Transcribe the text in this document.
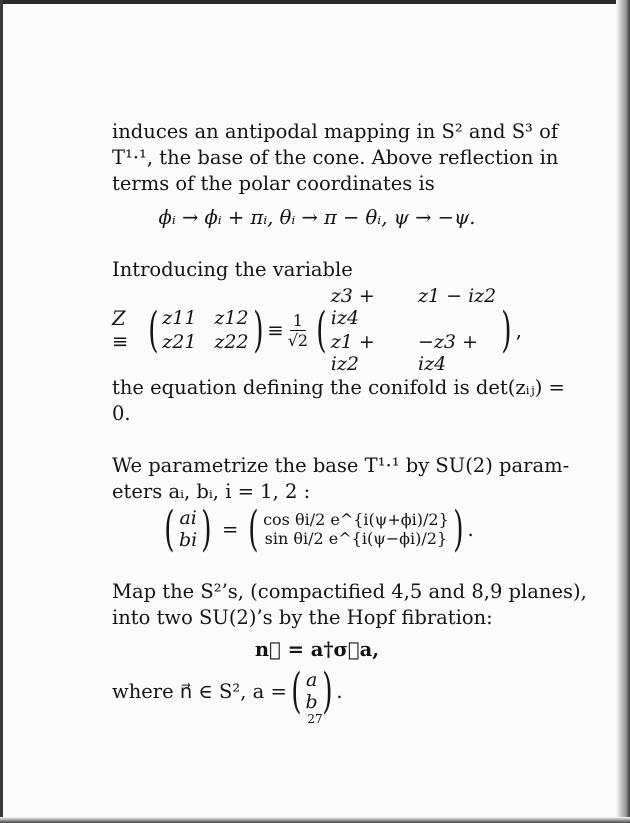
induces an antipodal mapping in S² and S³ of
T¹·¹, the base of the cone. Above reflection in
terms of the polar coordinates is
ϕᵢ → ϕᵢ + πᵢ, θᵢ → π − θᵢ, ψ → −ψ.
Introducing the variable
Z ≡ ( z11 z12
z21 z22 ) ≡ $\frac{1}{√2}$ (
z3 + iz4
z1 − iz2
z1 + iz2
−z3 + iz4
) ,
the equation defining the conifold is det(zᵢⱼ) =
0.
We parametrize the base T¹·¹ by SU(2) param-
eters aᵢ, bᵢ, i = 1, 2 :
( ai
bi ) = ( cos θi/2 e^{i(ψ+ϕi)/2}
sin θi/2 e^{i(ψ−ϕi)/2} ) .
Map the S²’s, (compactified 4,5 and 8,9 planes),
into two SU(2)’s by the Hopf fibration:
n⃗ = a†σ⃗a,
where n⃗ ∈ S², a = ( a
b ) .
27
